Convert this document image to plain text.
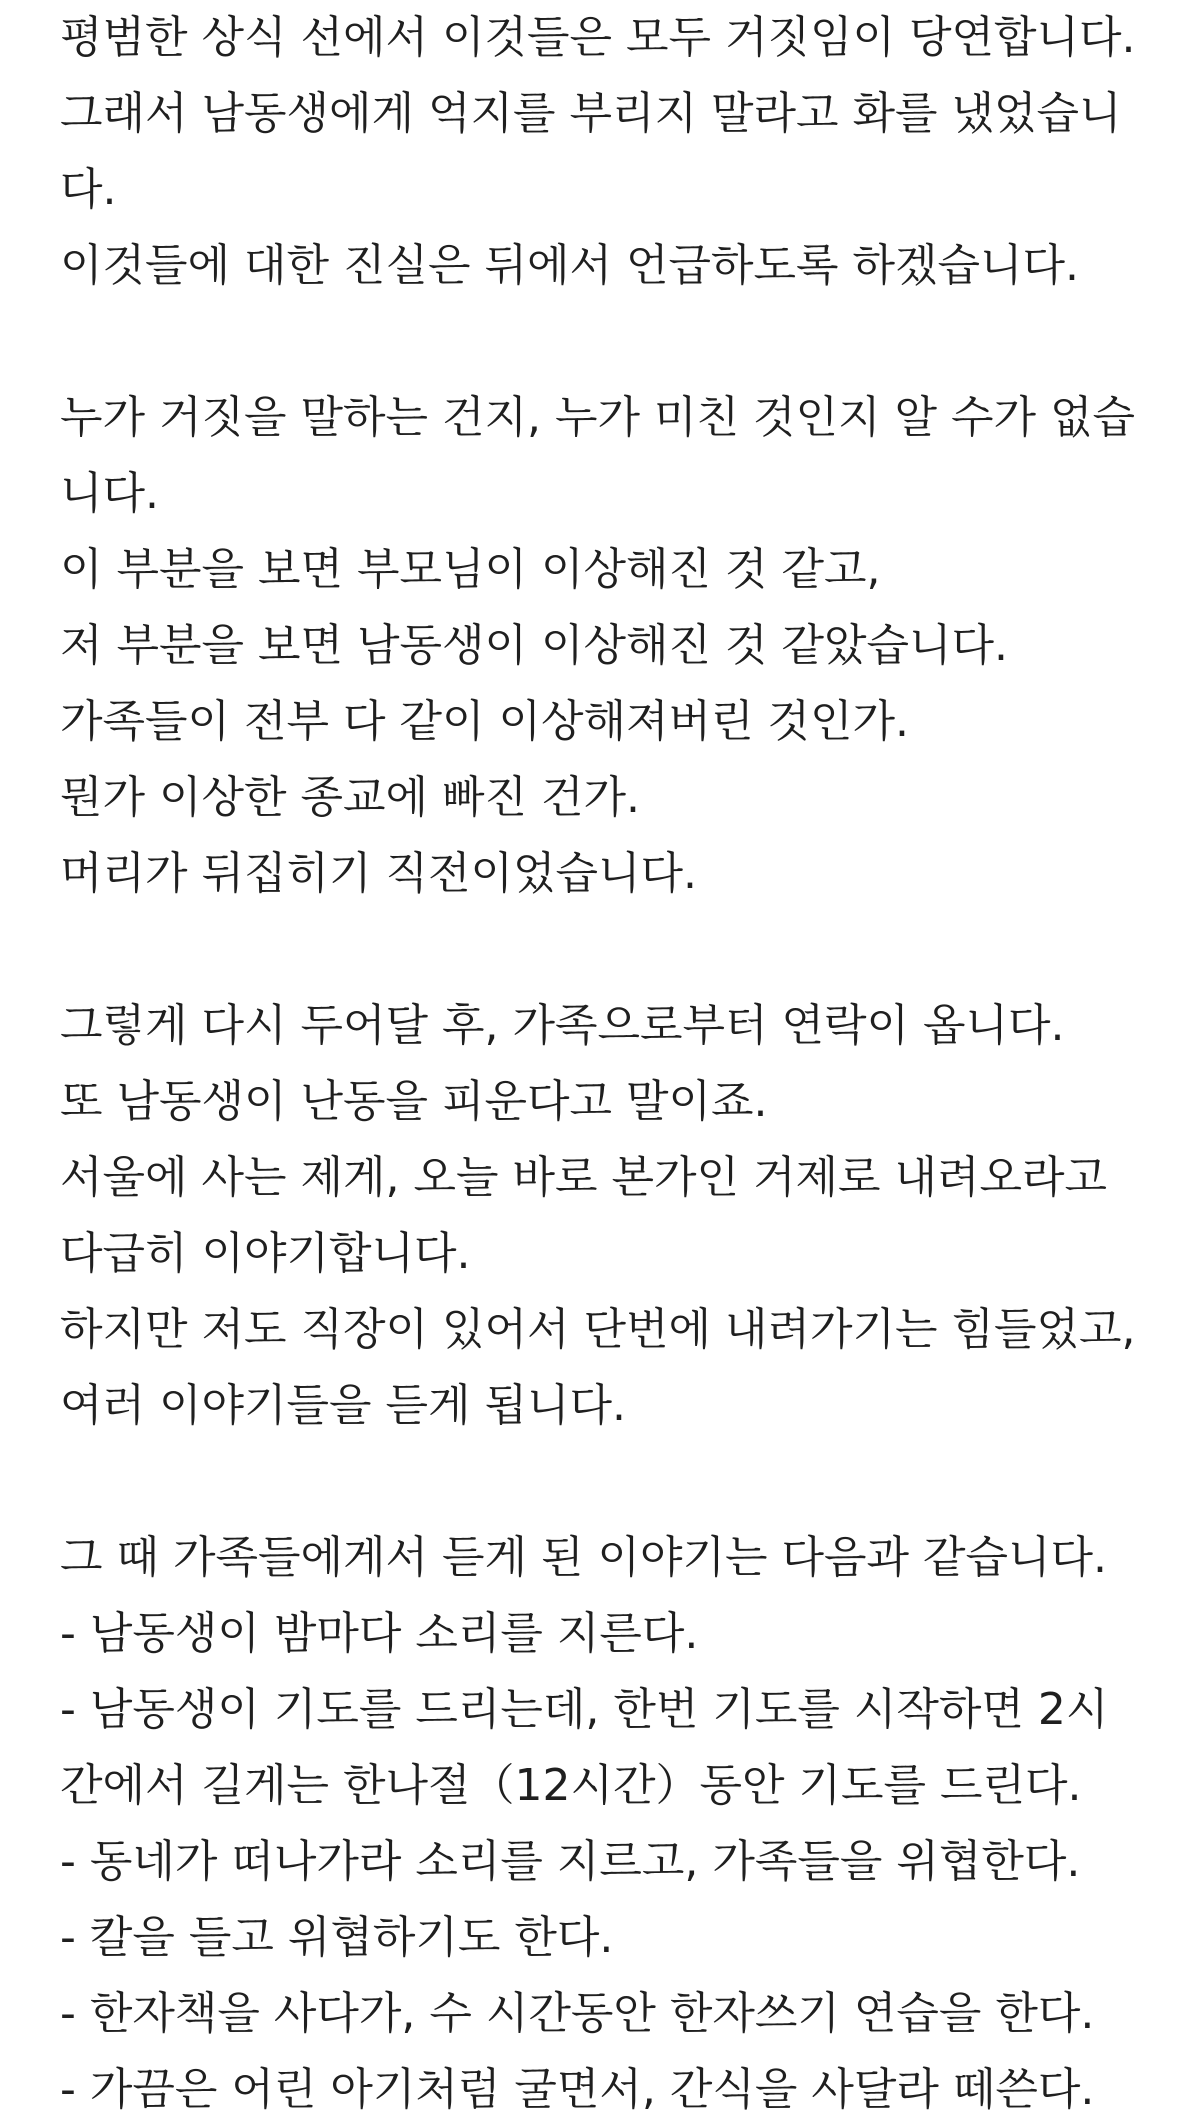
평범한 상식 선에서 이것들은 모두 거짓임이 당연합니다.
그래서 남동생에게 억지를 부리지 말라고 화를 냈었습니
다.
이것들에 대한 진실은 뒤에서 언급하도록 하겠습니다.

누가 거짓을 말하는 건지, 누가 미친 것인지 알 수가 없습
니다.
이 부분을 보면 부모님이 이상해진 것 같고,
저 부분을 보면 남동생이 이상해진 것 같았습니다.
가족들이 전부 다 같이 이상해져버린 것인가.
뭔가 이상한 종교에 빠진 건가.
머리가 뒤집히기 직전이었습니다.

그렇게 다시 두어달 후, 가족으로부터 연락이 옵니다.
또 남동생이 난동을 피운다고 말이죠.
서울에 사는 제게, 오늘 바로 본가인 거제로 내려오라고
다급히 이야기합니다.
하지만 저도 직장이 있어서 단번에 내려가기는 힘들었고,
여러 이야기들을 듣게 됩니다.

그 때 가족들에게서 듣게 된 이야기는 다음과 같습니다.
- 남동생이 밤마다 소리를 지른다.
- 남동생이 기도를 드리는데, 한번 기도를 시작하면 2시
간에서 길게는 한나절（12시간）동안 기도를 드린다.
- 동네가 떠나가라 소리를 지르고, 가족들을 위협한다.
- 칼을 들고 위협하기도 한다.
- 한자책을 사다가, 수 시간동안 한자쓰기 연습을 한다.
- 가끔은 어린 아기처럼 굴면서, 간식을 사달라 떼쓴다.
